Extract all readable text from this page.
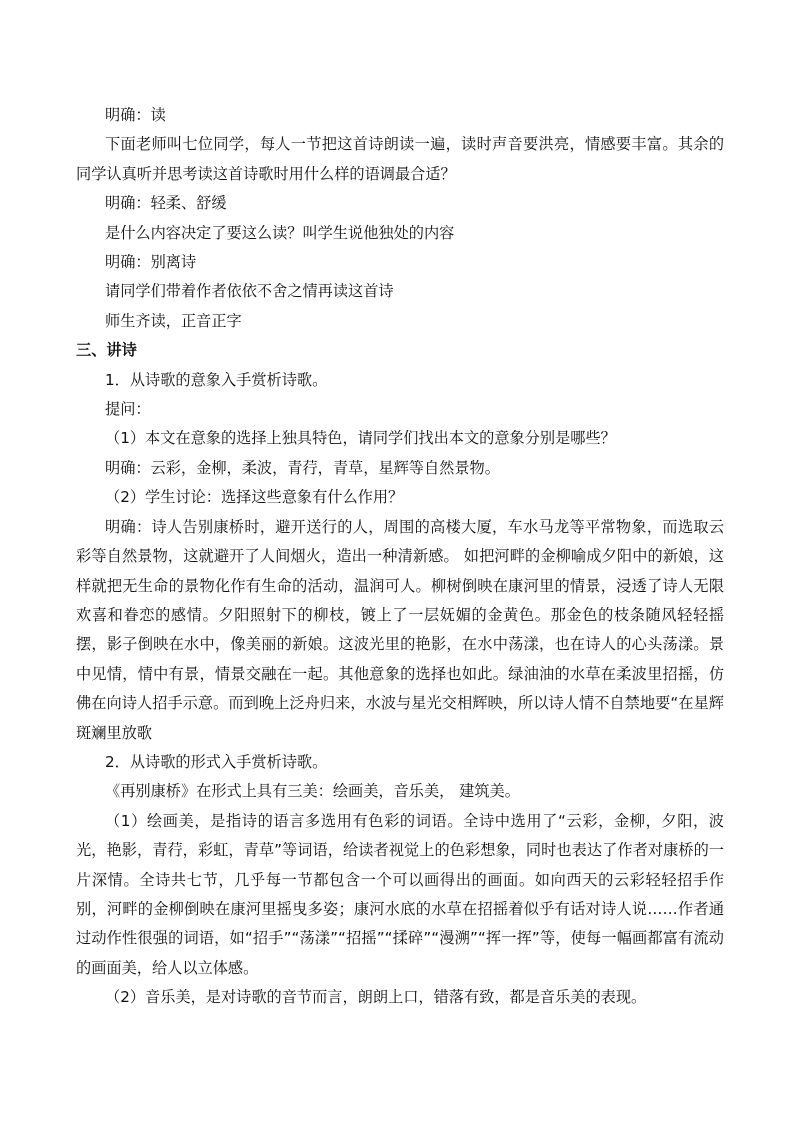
明确：读

下面老师叫七位同学，每人一节把这首诗朗读一遍，读时声音要洪亮，情感要丰富。其余的同学认真听并思考读这首诗歌时用什么样的语调最合适？

明确：轻柔、舒缓

是什么内容决定了要这么读？叫学生说他独处的内容

明确：别离诗

请同学们带着作者依依不舍之情再读这首诗

师生齐读，正音正字

三、讲诗

1．从诗歌的意象入手赏析诗歌。

提问：

（1）本文在意象的选择上独具特色，请同学们找出本文的意象分别是哪些？

明确：云彩，金柳，柔波，青荇，青草，星辉等自然景物。

（2）学生讨论：选择这些意象有什么作用？

明确：诗人告别康桥时，避开送行的人，周围的高楼大厦，车水马龙等平常物象，而选取云彩等自然景物，这就避开了人间烟火，造出一种清新感。 如把河畔的金柳喻成夕阳中的新娘，这样就把无生命的景物化作有生命的活动，温润可人。柳树倒映在康河里的情景，浸透了诗人无限欢喜和眷恋的感情。夕阳照射下的柳枝，镀上了一层妩媚的金黄色。那金色的枝条随风轻轻摇摆，影子倒映在水中，像美丽的新娘。这波光里的艳影，在水中荡漾，也在诗人的心头荡漾。景中见情，情中有景，情景交融在一起。其他意象的选择也如此。绿油油的水草在柔波里招摇，仿佛在向诗人招手示意。而到晚上泛舟归来，水波与星光交相辉映，所以诗人情不自禁地要“在星辉斑斓里放歌

2．从诗歌的形式入手赏析诗歌。

《再别康桥》在形式上具有三美：绘画美，音乐美， 建筑美。

（1）绘画美，是指诗的语言多选用有色彩的词语。全诗中选用了“云彩，金柳，夕阳，波光，艳影，青荇，彩虹，青草”等词语，给读者视觉上的色彩想象，同时也表达了作者对康桥的一片深情。全诗共七节，几乎每一节都包含一个可以画得出的画面。如向西天的云彩轻轻招手作别，河畔的金柳倒映在康河里摇曳多姿；康河水底的水草在招摇着似乎有话对诗人说……作者通过动作性很强的词语，如“招手”“荡漾”“招摇”“揉碎”“漫溯”“挥一挥”等，使每一幅画都富有流动的画面美，给人以立体感。

（2）音乐美，是对诗歌的音节而言，朗朗上口，错落有致，都是音乐美的表现。
